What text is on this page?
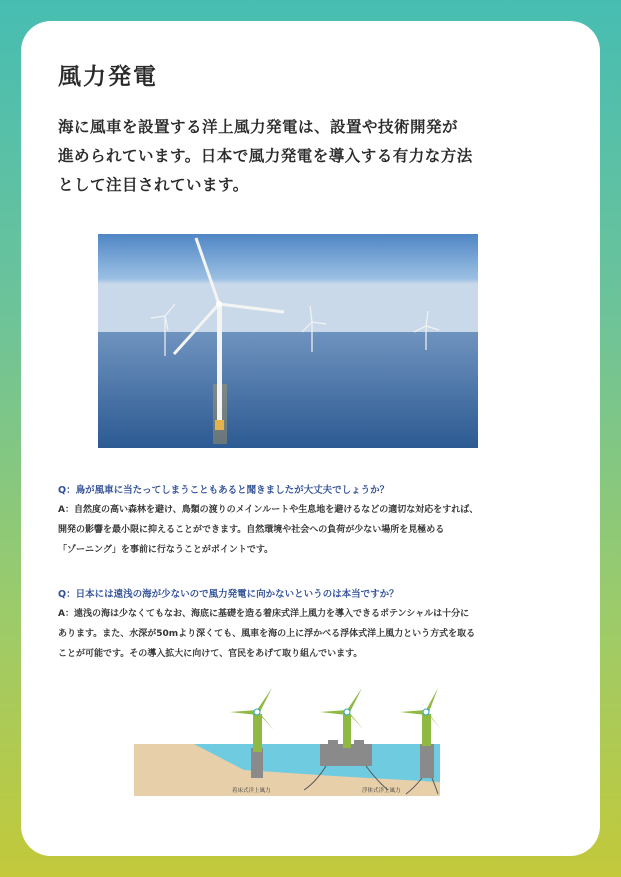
風力発電
海に風車を設置する洋上風力発電は、設置や技術開発が
進められています。日本で風力発電を導入する有力な方法
として注目されています。
Q：鳥が風車に当たってしまうこともあると聞きましたが大丈夫でしょうか？
A：自然度の高い森林を避け、鳥類の渡りのメインルートや生息地を避けるなどの適切な対応をすれば、
開発の影響を最小限に抑えることができます。自然環境や社会への負荷が少ない場所を見極める
「ゾーニング」を事前に行なうことがポイントです。
Q：日本には遠浅の海が少ないので風力発電に向かないというのは本当ですか？
A：遠浅の海は少なくてもなお、海底に基礎を造る着床式洋上風力を導入できるポテンシャルは十分に
あります。また、水深が50mより深くても、風車を海の上に浮かべる浮体式洋上風力という方式を取る
ことが可能です。その導入拡大に向けて、官民をあげて取り組んでいます。
着床式洋上風力	浮体式洋上風力
